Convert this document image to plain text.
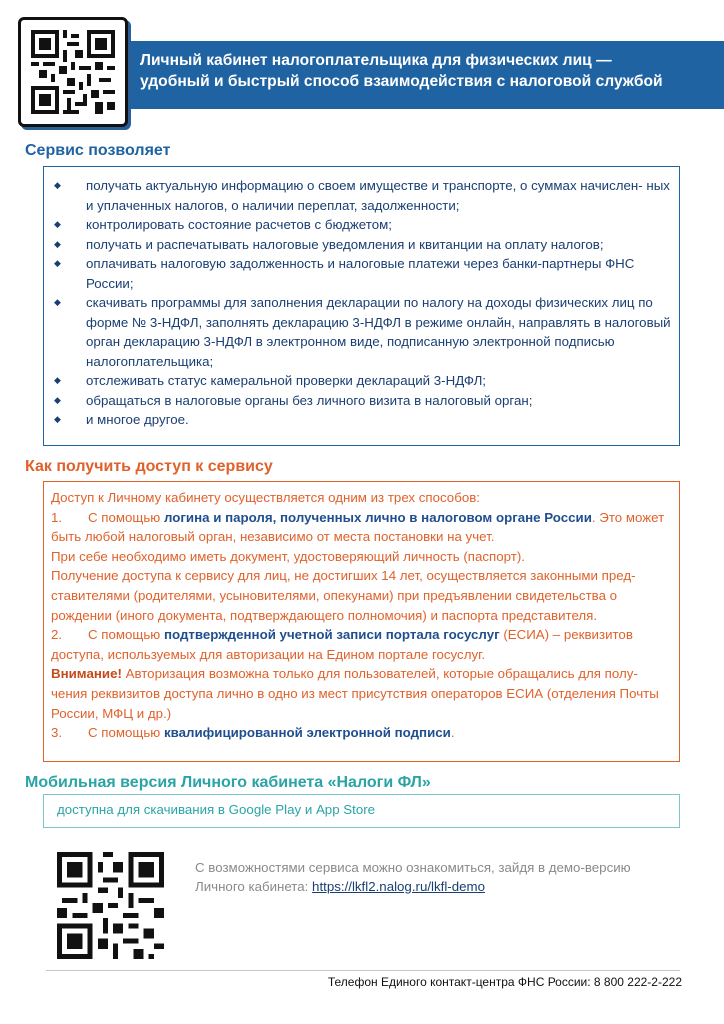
Личный кабинет налогоплательщика для физических лиц —
удобный и быстрый способ взаимодействия с налоговой службой
Сервис позволяет
◆ получать актуальную информацию о своем имуществе и транспорте, о суммах начислен- ных и уплаченных налогов, о наличии переплат, задолженности;
◆ контролировать состояние расчетов с бюджетом;
◆ получать и распечатывать налоговые уведомления и квитанции на оплату налогов;
◆ оплачивать налоговую задолженность и налоговые платежи через банки-партнеры ФНС России;
◆ скачивать программы для заполнения декларации по налогу на доходы физических лиц по форме № 3-НДФЛ, заполнять декларацию 3-НДФЛ в режиме онлайн, направлять в налоговый орган декларацию 3-НДФЛ в электронном виде, подписанную электронной подписью налогоплательщика;
◆ отслеживать статус камеральной проверки деклараций 3-НДФЛ;
◆ обращаться в налоговые органы без личного визита в налоговый орган;
◆ и многое другое.
Как получить доступ к сервису

Доступ к Личному кабинету осуществляется одним из трех способов:

1. С помощью логина и пароля, полученных лично в налоговом органе России. Это может быть любой налоговый орган, независимо от места постановки на учет.

При себе необходимо иметь документ, удостоверяющий личность (паспорт).

Получение доступа к сервису для лиц, не достигших 14 лет, осуществляется законными пред- ставителями (родителями, усыновителями, опекунами) при предъявлении свидетельства о рождении (иного документа, подтверждающего полномочия) и паспорта представителя.

2. С помощью подтвержденной учетной записи портала госуслуг (ЕСИА) – реквизитов доступа, используемых для авторизации на Едином портале госуслуг.

Внимание! Авторизация возможна только для пользователей, которые обращались для полу- чения реквизитов доступа лично в одно из мест присутствия операторов ЕСИА (отделения Почты России, МФЦ и др.)

3. С помощью квалифицированной электронной подписи.

Мобильная версия Личного кабинета «Налоги ФЛ»
доступна для скачивания в Google Play и App Store
С возможностями сервиса можно ознакомиться, зайдя в демо-версию
Личного кабинета: https://lkfl2.nalog.ru/lkfl-demo
Телефон Единого контакт-центра ФНС России: 8 800 222-2-222
